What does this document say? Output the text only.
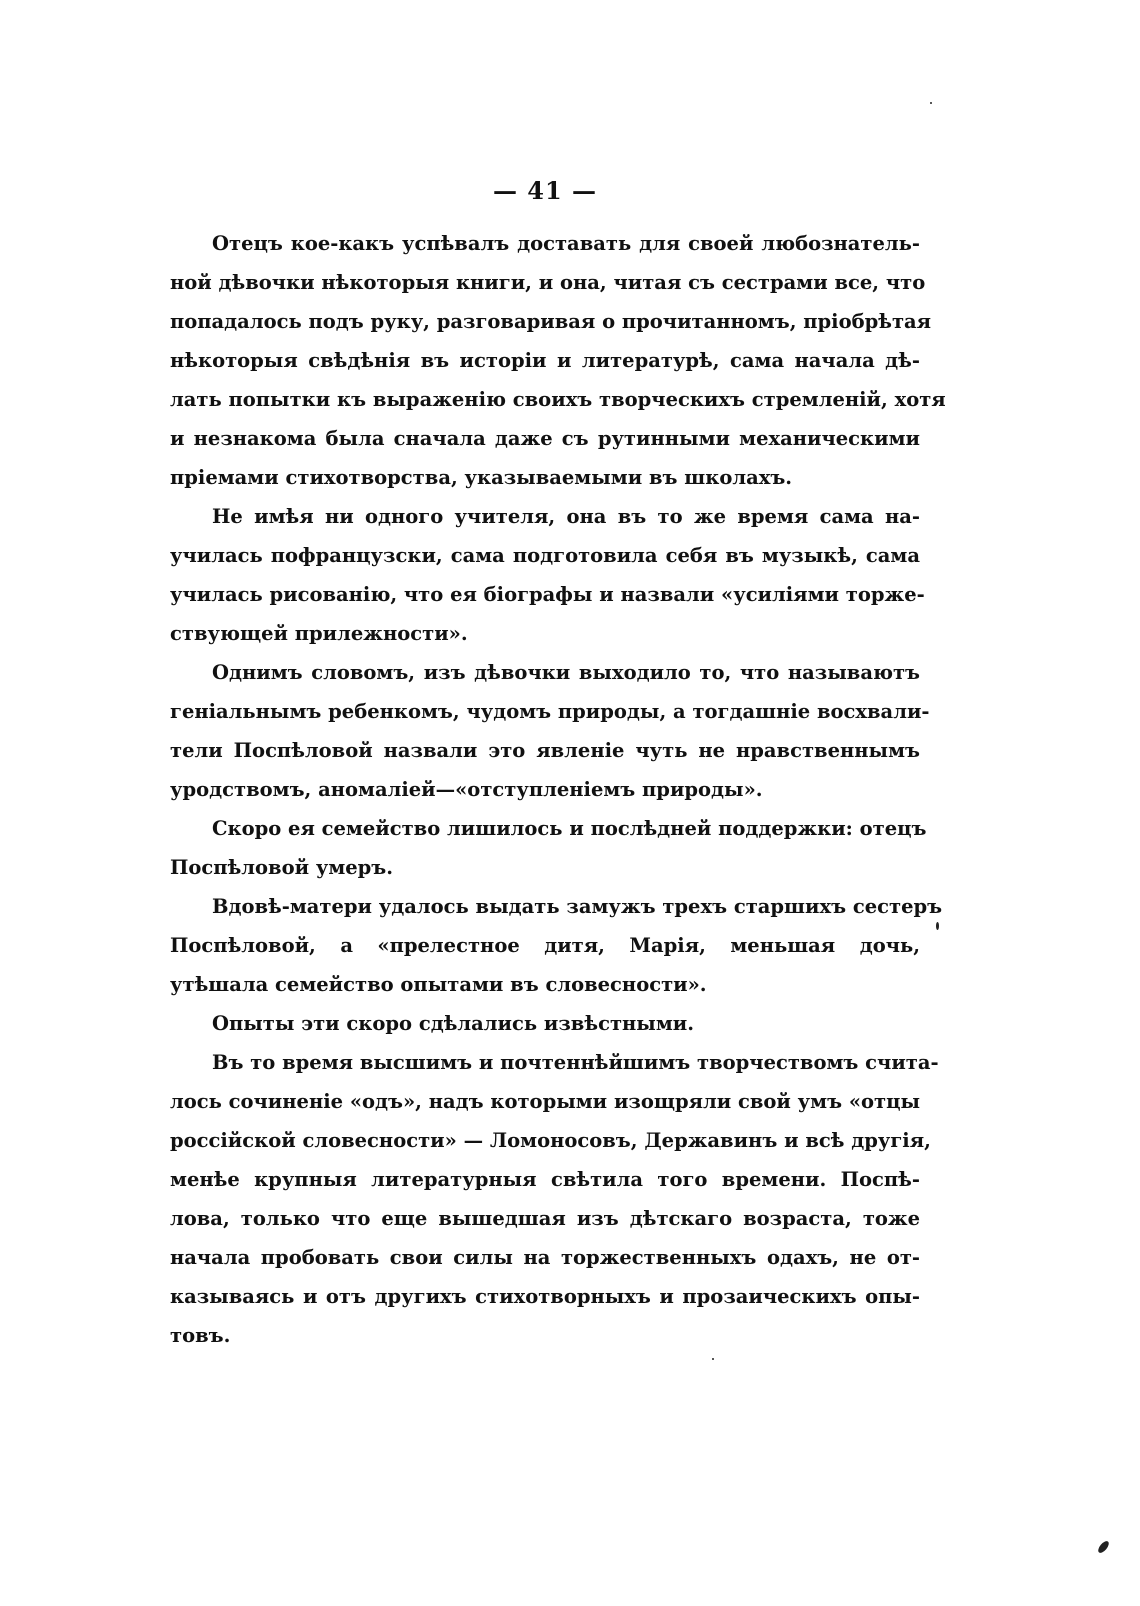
— 41 —
Отецъ кое-какъ успѣвалъ доставать для своей любознатель-
ной дѣвочки нѣкоторыя книги, и она, читая съ сестрами все, что
попадалось подъ руку, разговаривая о прочитанномъ, пріобрѣтая
нѣкоторыя свѣдѣнія въ исторіи и литературѣ, сама начала дѣ-
лать попытки къ выраженію своихъ творческихъ стремленій, хотя
и незнакома была сначала даже съ рутинными механическими
пріемами стихотворства, указываемыми въ школахъ.
Не имѣя ни одного учителя, она въ то же время сама на-
училась пофранцузски, сама подготовила себя въ музыкѣ, сама
училась рисованію, что ея біографы и назвали «усиліями торже-
ствующей прилежности».
Однимъ словомъ, изъ дѣвочки выходило то, что называютъ
геніальнымъ ребенкомъ, чудомъ природы, а тогдашніе восхвали-
тели Поспѣловой назвали это явленіе чуть не нравственнымъ
уродствомъ, аномаліей—«отступленіемъ природы».
Скоро ея семейство лишилось и послѣдней поддержки: отецъ
Поспѣловой умеръ.
Вдовѣ-матери удалось выдать замужъ трехъ старшихъ сестеръ
Поспѣловой, а «прелестное дитя, Марія, меньшая дочь,
утѣшала семейство опытами въ словесности».
Опыты эти скоро сдѣлались извѣстными.
Въ то время высшимъ и почтеннѣйшимъ творчествомъ счита-
лось сочиненіе «одъ», надъ которыми изощряли свой умъ «отцы
россійской словесности» — Ломоносовъ, Державинъ и всѣ другія,
менѣе крупныя литературныя свѣтила того времени. Поспѣ-
лова, только что еще вышедшая изъ дѣтскаго возраста, тоже
начала пробовать свои силы на торжественныхъ одахъ, не от-
казываясь и отъ другихъ стихотворныхъ и прозаическихъ опы-
товъ.
